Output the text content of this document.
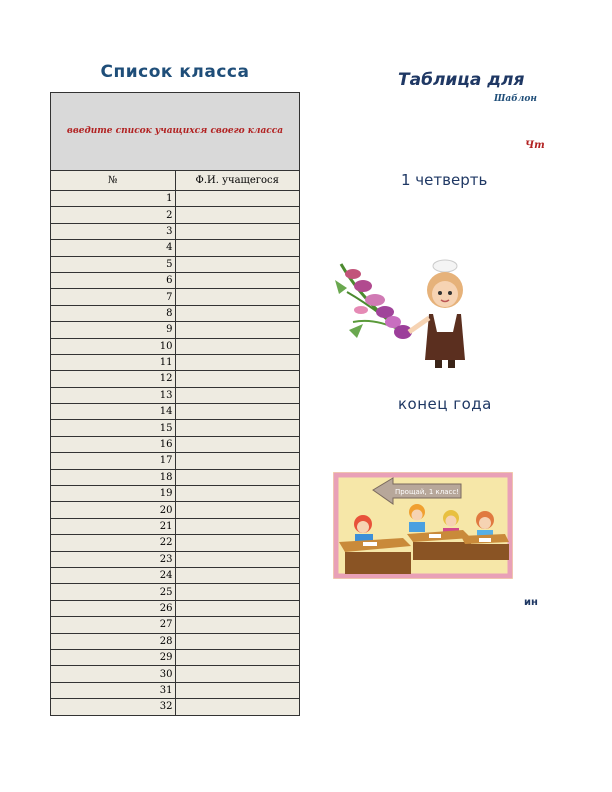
Список класса
введите список учащихся своего класса	
№	Ф.И. учащегося
1	
2	
3	
4	
5	
6	
7	
8	
9	
10	
11	
12	
13	
14	
15	
16	
17	
18	
19	
20	
21	
22	
23	
24	
25	
26	
27	
28	
29	
30	
31	
32	
Таблица для
Шаблон
Чт
1 четверть
конец года
ин
Прощай, 1 класс!
